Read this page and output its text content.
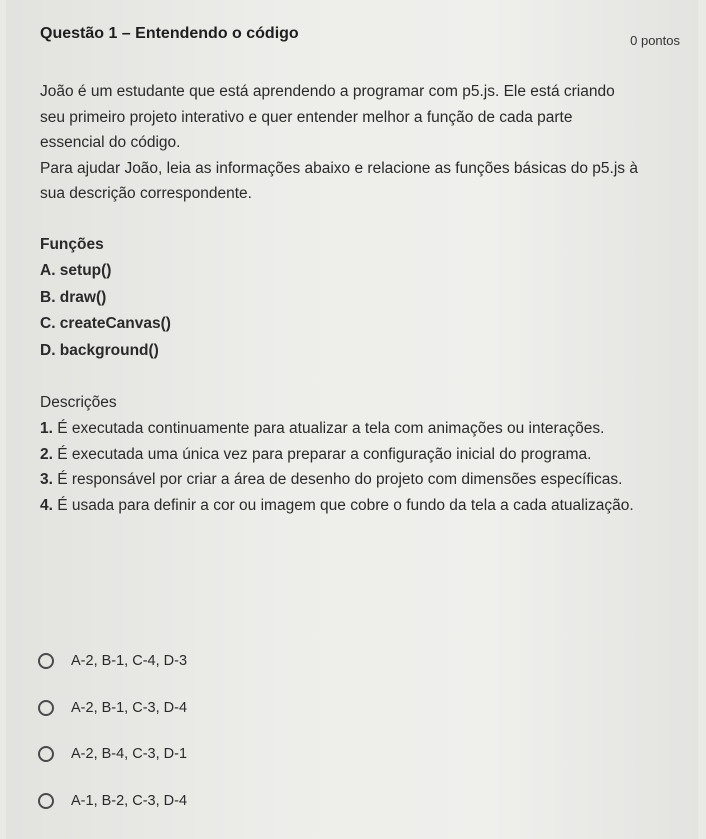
Questão 1 – Entendendo o código	0 pontos

João é um estudante que está aprendendo a programar com p5.js. Ele está criando seu primeiro projeto interativo e quer entender melhor a função de cada parte essencial do código.

Para ajudar João, leia as informações abaixo e relacione as funções básicas do p5.js à sua descrição correspondente.

Funções
A. setup()
B. draw()
C. createCanvas()
D. background()
Descrições
1. É executada continuamente para atualizar a tela com animações ou interações.
2. É executada uma única vez para preparar a configuração inicial do programa.
3. É responsável por criar a área de desenho do projeto com dimensões específicas.
4. É usada para definir a cor ou imagem que cobre o fundo da tela a cada atualização.
A-2, B-1, C-4, D-3
A-2, B-1, C-3, D-4
A-2, B-4, C-3, D-1
A-1, B-2, C-3, D-4
